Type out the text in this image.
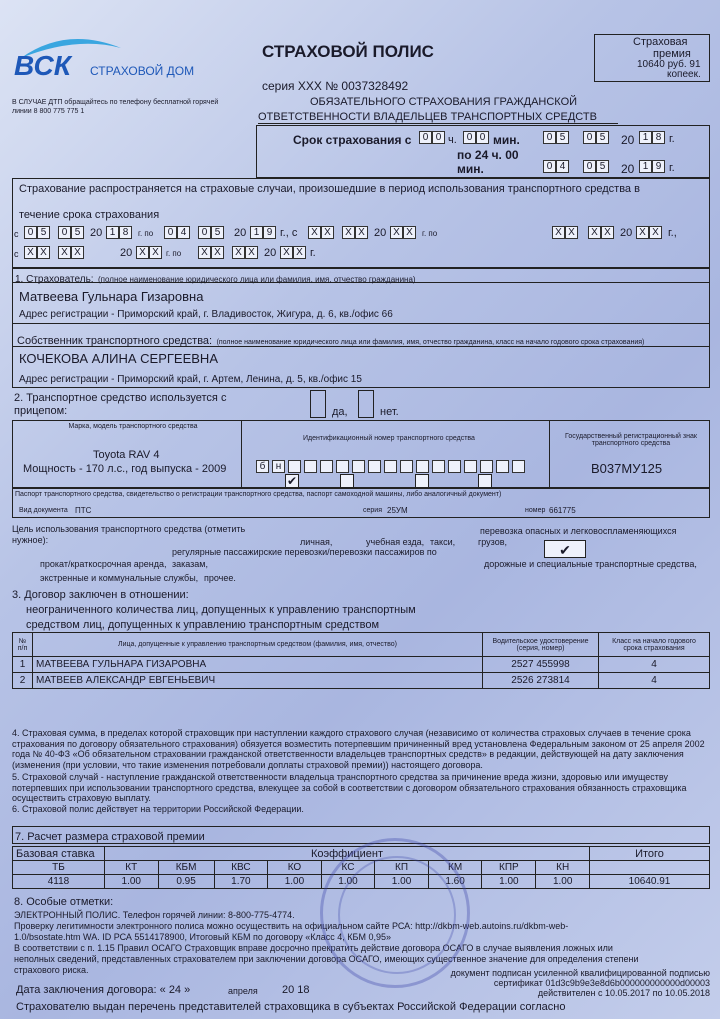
ВСК СТРАХОВОЙ ДОМ
В СЛУЧАЕ ДТП обращайтесь по телефону бесплатной горячей линии 8 800 775 775 1
СТРАХОВОЙ ПОЛИС
серия ХХХ № 0037328492
ОБЯЗАТЕЛЬНОГО СТРАХОВАНИЯ ГРАЖДАНСКОЙ
ОТВЕТСТВЕННОСТИ ВЛАДЕЛЬЦЕВ ТРАНСПОРТНЫХ СРЕДСТВ
Страховая
премия
10640 руб. 91
копеек.
Срок страхования с	0 0 ч. 0 0 мин.	0 5	0 5	20 1 8 г.
по 24 ч. 00
мин.	0 4	0 5	20 1 9 г.
Страхование распространяется на страховые случаи, произошедшие в период использования транспортного средства в
течение срока страхования
с 0 5	0 5 20 1 8	г. по	0 4	0 5	20 1 9 г., с	Х Х	Х Х 20 Х Х	г. по	Х Х	Х Х 20 Х Х г.,
с Х Х	Х Х	20 Х Х г. по	Х Х	Х Х 20 Х Х г.
1. Страхователь: (полное наименование юридического лица или фамилия, имя, отчество гражданина)
Матвеева Гульнара Гизаровна
Адрес регистрации - Приморский край, г. Владивосток, Жигура, д. 6, кв./офис 66
Собственник транспортного средства: (полное наименование юридического лица или фамилия, имя, отчество гражданина, класс на начало годового срока страхования)
КОЧЕКОВА АЛИНА СЕРГЕЕВНА
Адрес регистрации - Приморский край, г. Артем, Ленина, д. 5, кв./офис 15
2. Транспортное средство используется с
прицепом:	да,	нет.
Марка, модель транспортного средства
Toyota RAV 4
Мощность - 170 л.с., год выпуска - 2009
Идентификационный номер транспортного средства	Государственный регистрационный знак транспортного средства
В037МУ125
б	н
✔
Паспорт транспортного средства, свидетельство о регистрации транспортного средства, паспорт самоходной машины, либо аналогичный документ)
Вид документа ПТС	серия 25УМ	номер 661775
Цель использования транспортного средства (отметить нужное):	личная,	учебная езда, такси,	грузов,
перевозка опасных и легковоспламеняющихся
регулярные пассажирские перевозки/перевозки пассажиров по	✔
прокат/краткосрочная аренда, заказам,	дорожные и специальные транспортные средства,
экстренные и коммунальные службы, прочее.
3. Договор заключен в отношении:
неограниченного количества лиц, допущенных к управлению транспортным
средством лиц, допущенных к управлению транспортным средством
№ п/п	Лица, допущенные к управлению транспортным средством (фамилия, имя, отчество)	Водительское удостоверение (серия, номер)	Класс на начало годового срока страхования
1	МАТВЕЕВА ГУЛЬНАРА ГИЗАРОВНА	2527 455998	4
2	МАТВЕЕВ АЛЕКСАНДР ЕВГЕНЬЕВИЧ	2526 273814	4
4. Страховая сумма, в пределах которой страховщик при наступлении каждого страхового случая (независимо от количества страховых случаев в течение срока страхования по договору обязательного страхования) обязуется возместить потерпевшим причиненный вред установлена Федеральным законом от 25 апреля 2002 года № 40-ФЗ «Об обязательном страховании гражданской ответственности владельцев транспортных средств» в редакции, действующей на дату заключения (изменения (при условии, что такие изменения потребовали доплаты страховой премии)) настоящего договора.
5. Страховой случай - наступление гражданской ответственности владельца транспортного средства за причинение вреда жизни, здоровью или имуществу потерпевших при использовании транспортного средства, влекущее за собой в соответствии с договором обязательного страхования обязанность страховщика осуществить страховую выплату.
6. Страховой полис действует на территории Российской Федерации.
7. Расчет размера страховой премии
Базовая ставка	Коэффициент									Итого
ТБ	КТ	КБМ	КВС	КО	КС	КП	КМ	КПР	КН	
4118	1.00	0.95	1.70	1.00	1.00	1.00	1.60	1.00	1.00	10640.91
8. Особые отметки:
ЭЛЕКТРОННЫЙ ПОЛИС. Телефон горячей линии: 8-800-775-4774.
Проверку легитимности электронного полиса можно осуществить на официальном сайте РСА: http://dkbm-web.autoins.ru/dkbm-web-
1.0/bsostate.htm WA. ID РСА 5514178900, Итоговый КБМ по договору «Класс 4, КБМ 0,95»
В соответствии с п. 1.15 Правил ОСАГО Страховщик вправе досрочно прекратить действие договора ОСАГО в случае выявления ложных или
неполных сведений, представленных страхователем при заключении договора ОСАГО, имеющих существенное значение для определения степени
страхового риска.	документ подписан усиленной квалифицированной подписью
сертификат 01d3c9b9e3e8d6b000000000000d00003
действителен с 10.05.2017 по 10.05.2018
Дата заключения договора: « 24 »	апреля 20 18
Страхователю выдан перечень представителей страховщика в субъектах Российской Федерации согласно
